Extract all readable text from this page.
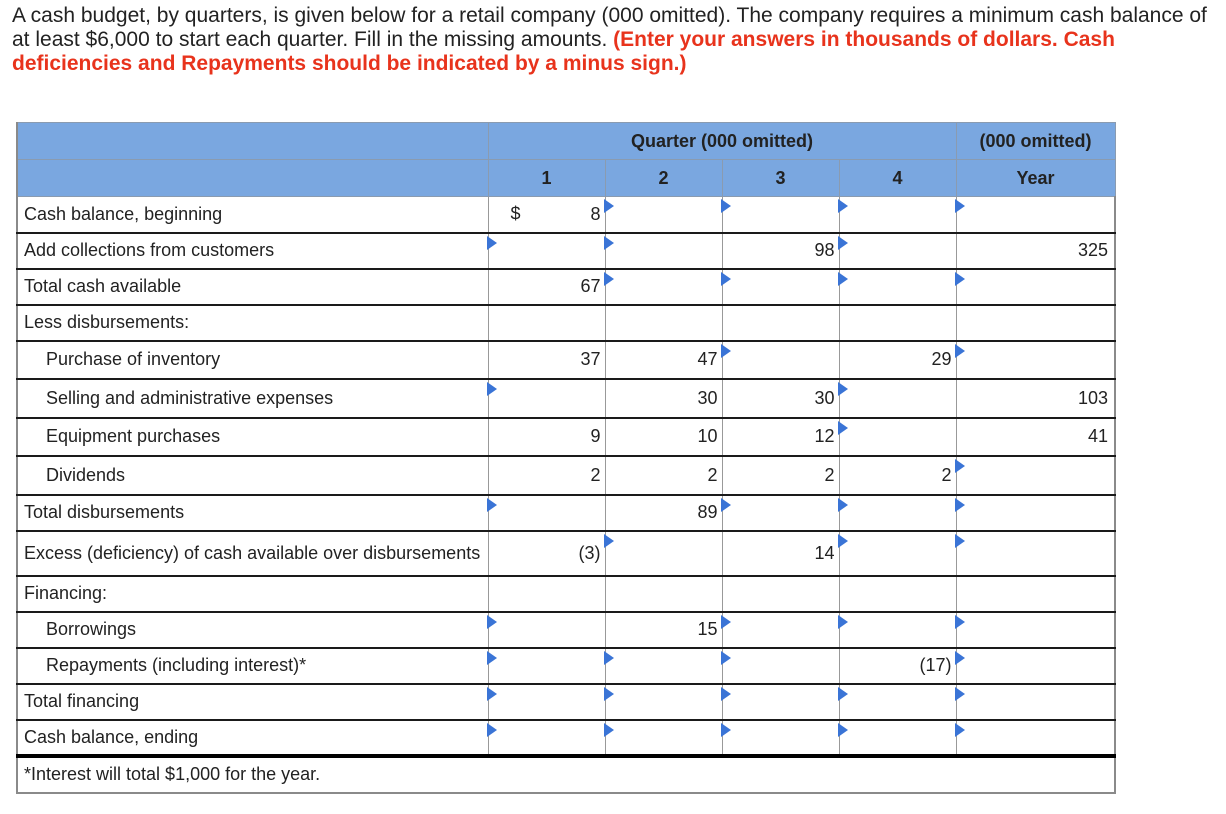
A cash budget, by quarters, is given below for a retail company (000 omitted). The company requires a minimum cash balance of at least $6,000 to start each quarter. Fill in the missing amounts. (Enter your answers in thousands of dollars. Cash deficiencies and Repayments should be indicated by a minus sign.)
	Quarter (000 omitted)				(000 omitted)
	1	2	3	4	Year
Cash balance, beginning	$ 8	

Add collections from customers			98		325
Total cash available	67	

Less disbursements:					
Purchase of inventory	37	47		29	

Selling and administrative expenses		30	30		103
Equipment purchases	9	10	12		41
Dividends	2	2	2	2	

Total disbursements		89	

Excess (deficiency) of cash available over disbursements	(3)		14	

Financing:					
Borrowings		15	

Repayments (including interest)*				(17)	

Total financing	

Cash balance, ending	

*Interest will total $1,000 for the year.					
